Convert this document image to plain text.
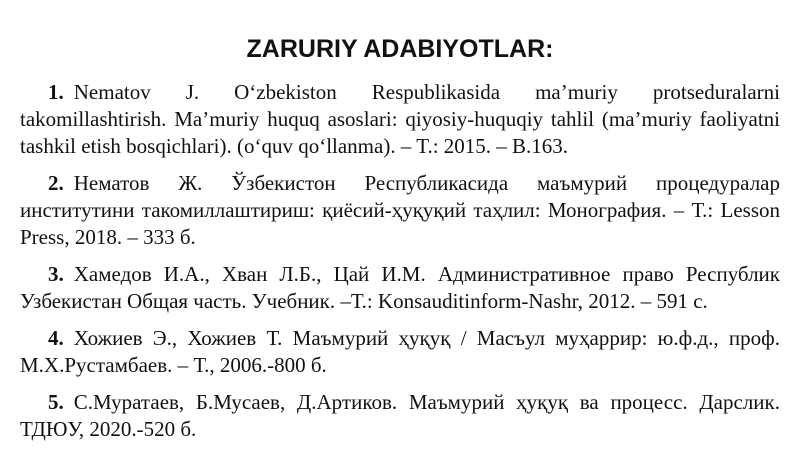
ZARURIY ADABIYOTLAR:
1. Nematov J. O‘zbekiston Respublikasida ma’muriy protseduralarni takomillashtirish. Ma’muriy huquq asoslari: qiyosiy-huquqiy tahlil (ma’muriy faoliyatni tashkil etish bosqichlari). (o‘quv qo‘llanma). – T.: 2015. – B.163.
2. Нематов Ж. Ўзбекистон Республикасида маъмурий процедуралар институтини такомиллаштириш: қиёсий-ҳуқуқий таҳлил: Монография. – Т.: Lesson Press, 2018. – 333 б.
3. Хамедов И.А., Хван Л.Б., Цай И.М. Административное право Республик Узбекистан Общая часть. Учебник. –Т.: Konsauditinform-Nashr, 2012. – 591 с.
4. Хожиев Э., Хожиев Т. Маъмурий ҳуқуқ / Масъул муҳаррир: ю.ф.д., проф. М.Х.Рустамбаев. – Т., 2006.-800 б.
5. С.Муратаев, Б.Мусаев, Д.Артиков. Маъмурий ҳуқуқ ва процесс. Дарслик. ТДЮУ, 2020.-520 б.
